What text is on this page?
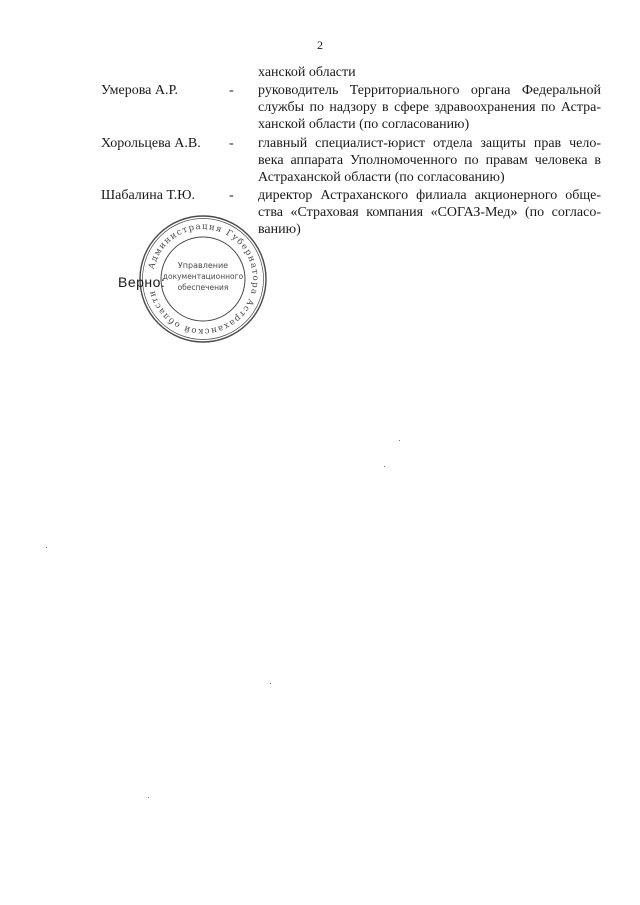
2
ханской области
Умерова А.Р.	- руководитель Территориального органа Федеральной
службы по надзору в сфере здравоохранения по Астра-
ханской области (по согласованию)
Хорольцева А.В. - главный специалист-юрист отдела защиты прав чело-
века аппарата Уполномоченного по правам человека в
Астраханской области (по согласованию)
Шабалина Т.Ю. - директор Астраханского филиала акционерного обще-
ства «Страховая компания «СОГАЗ-Мед» (по согласо-
ванию)
Администрация Губернатора Астраханской области
Управление
документационного
обеспечения
Верно:
